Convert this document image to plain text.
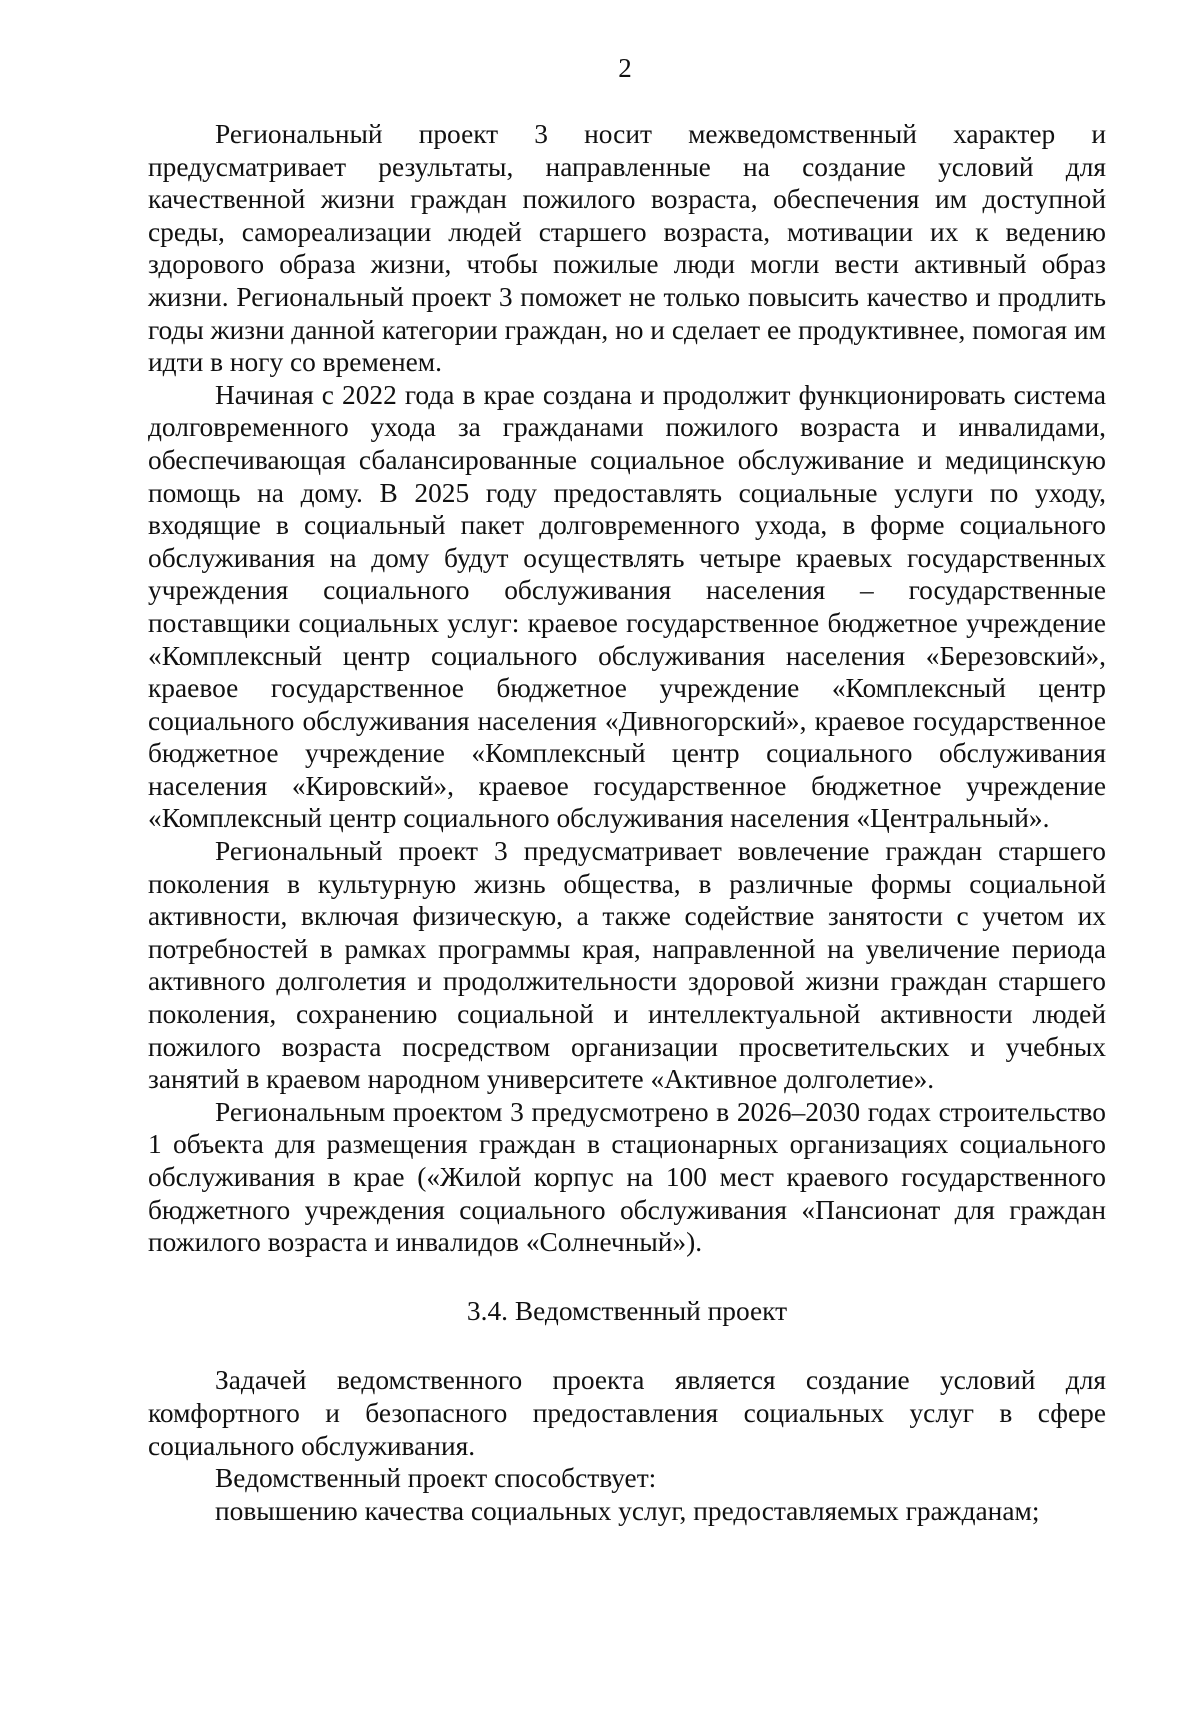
2

Региональный проект 3 носит межведомственный характер и предусматривает результаты, направленные на создание условий для качественной жизни граждан пожилого возраста, обеспечения им доступной среды, самореализации людей старшего возраста, мотивации их к ведению здорового образа жизни, чтобы пожилые люди могли вести активный образ жизни. Региональный проект 3 поможет не только повысить качество и продлить годы жизни данной категории граждан, но и сделает ее продуктивнее, помогая им идти в ногу со временем.

Начиная с 2022 года в крае создана и продолжит функционировать система долговременного ухода за гражданами пожилого возраста и инвалидами, обеспечивающая сбалансированные социальное обслуживание и медицинскую помощь на дому. В 2025 году предоставлять социальные услуги по уходу, входящие в социальный пакет долговременного ухода, в форме социального обслуживания на дому будут осуществлять четыре краевых государственных учреждения социального обслуживания населения – государственные поставщики социальных услуг: краевое государственное бюджетное учреждение «Комплексный центр социального обслуживания населения «Березовский», краевое государственное бюджетное учреждение «Комплексный центр социального обслуживания населения «Дивногорский», краевое государственное бюджетное учреждение «Комплексный центр социального обслуживания населения «Кировский», краевое государственное бюджетное учреждение «Комплексный центр социального обслуживания населения «Центральный».

Региональный проект 3 предусматривает вовлечение граждан старшего поколения в культурную жизнь общества, в различные формы социальной активности, включая физическую, а также содействие занятости с учетом их потребностей в рамках программы края, направленной на увеличение периода активного долголетия и продолжительности здоровой жизни граждан старшего поколения, сохранению социальной и интеллектуальной активности людей пожилого возраста посредством организации просветительских и учебных занятий в краевом народном университете «Активное долголетие».

Региональным проектом 3 предусмотрено в 2026–2030 годах строительство 1 объекта для размещения граждан в стационарных организациях социального обслуживания в крае («Жилой корпус на 100 мест краевого государственного бюджетного учреждения социального обслуживания «Пансионат для граждан пожилого возраста и инвалидов «Солнечный»).

3.4. Ведомственный проект

Задачей ведомственного проекта является создание условий для комфортного и безопасного предоставления социальных услуг в сфере социального обслуживания.

Ведомственный проект способствует:

повышению качества социальных услуг, предоставляемых гражданам;
